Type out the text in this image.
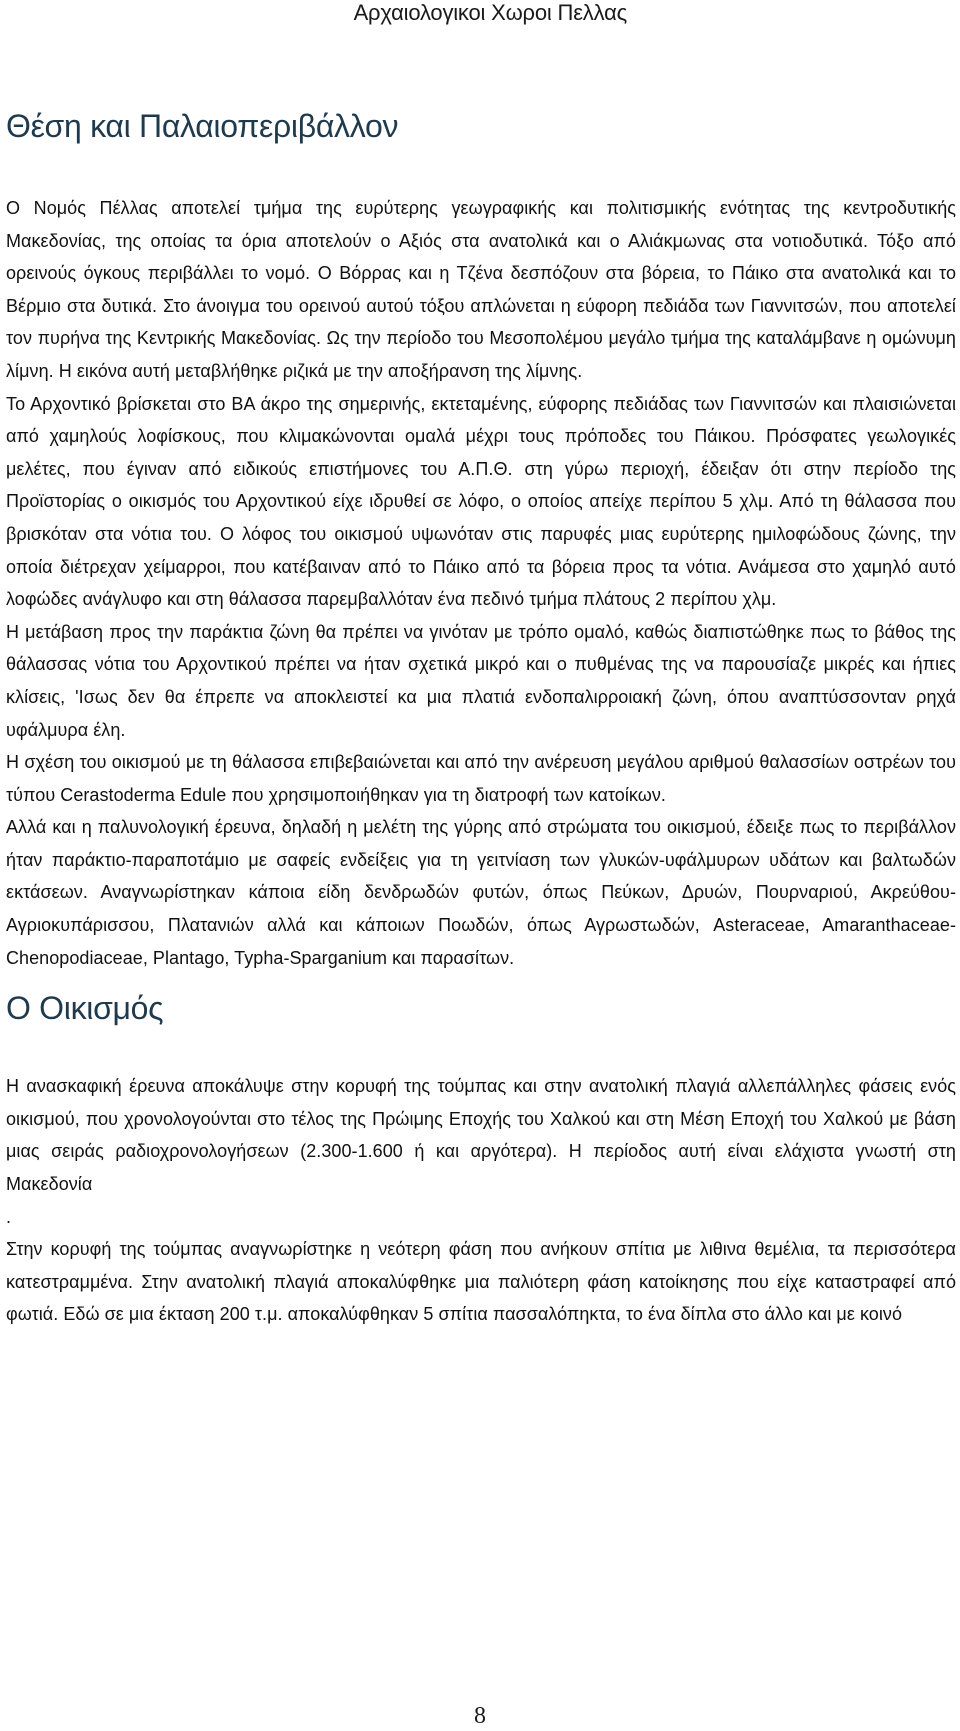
Αρχαιολογικοι Χωροι Πελλας
Θέση και Παλαιοπεριβάλλον

Ο Νομός Πέλλας αποτελεί τμήμα της ευρύτερης γεωγραφικής και πολιτισμικής ενότητας της κεντροδυτικής Μακεδονίας, της οποίας τα όρια αποτελούν ο Αξιός στα ανατολικά και ο Αλιάκμωνας στα νοτιοδυτικά. Τόξο από ορεινούς όγκους περιβάλλει το νομό. Ο Βόρρας και η Τζένα δεσπόζουν στα βόρεια, το Πάικο στα ανατολικά και το Βέρμιο στα δυτικά. Στο άνοιγμα του ορεινού αυτού τόξου απλώνεται η εύφορη πεδιάδα των Γιαννιτσών, που αποτελεί τον πυρήνα της Κεντρικής Μακεδονίας. Ως την περίοδο του Μεσοπολέμου μεγάλο τμήμα της καταλάμβανε η ομώνυμη λίμνη. Η εικόνα αυτή μεταβλήθηκε ριζικά με την αποξήρανση της λίμνης.

Το Αρχοντικό βρίσκεται στο ΒΑ άκρο της σημερινής, εκτεταμένης, εύφορης πεδιάδας των Γιαννιτσών και πλαισιώνεται από χαμηλούς λοφίσκους, που κλιμακώνονται ομαλά μέχρι τους πρόποδες του Πάικου. Πρόσφατες γεωλογικές μελέτες, που έγιναν από ειδικούς επιστήμονες του Α.Π.Θ. στη γύρω περιοχή, έδειξαν ότι στην περίοδο της Προϊστορίας ο οικισμός του Αρχοντικού είχε ιδρυθεί σε λόφο, ο οποίος απείχε περίπου 5 χλμ. Από τη θάλασσα που βρισκόταν στα νότια του. Ο λόφος του οικισμού υψωνόταν στις παρυφές μιας ευρύτερης ημιλοφώδους ζώνης, την οποία διέτρεχαν χείμαρροι, που κατέβαιναν από το Πάικο από τα βόρεια προς τα νότια. Ανάμεσα στο χαμηλό αυτό λοφώδες ανάγλυφο και στη θάλασσα παρεμβαλλόταν ένα πεδινό τμήμα πλάτους 2 περίπου χλμ.

Η μετάβαση προς την παράκτια ζώνη θα πρέπει να γινόταν με τρόπο ομαλό, καθώς διαπιστώθηκε πως το βάθος της θάλασσας νότια του Αρχοντικού πρέπει να ήταν σχετικά μικρό και ο πυθμένας της να παρουσίαζε μικρές και ήπιες κλίσεις, 'Ισως δεν θα έπρεπε να αποκλειστεί κα μια πλατιά ενδοπαλιρροιακή ζώνη, όπου αναπτύσσονταν ρηχά υφάλμυρα έλη.

Η σχέση του οικισμού με τη θάλασσα επιβεβαιώνεται και από την ανέρευση μεγάλου αριθμού θαλασσίων οστρέων του τύπου Cerastoderma Edule που χρησιμοποιήθηκαν για τη διατροφή των κατοίκων.

Αλλά και η παλυνολογική έρευνα, δηλαδή η μελέτη της γύρης από στρώματα του οικισμού, έδειξε πως το περιβάλλον ήταν παράκτιο-παραποτάμιο με σαφείς ενδείξεις για τη γειτνίαση των γλυκών-υφάλμυρων υδάτων και βαλτωδών εκτάσεων. Αναγνωρίστηκαν κάποια είδη δενδρωδών φυτών, όπως Πεύκων, Δρυών, Πουρναριού, Ακρεύθου-Αγριοκυπάρισσου, Πλατανιών αλλά και κάποιων Ποωδών, όπως Αγρωστωδών, Asteraceae, Amaranthaceae-Chenopodiaceae, Plantago, Typha-Sparganium και παρασίτων.

Ο Οικισμός

Η ανασκαφική έρευνα αποκάλυψε στην κορυφή της τούμπας και στην ανατολική πλαγιά αλλεπάλληλες φάσεις ενός οικισμού, που χρονολογούνται στο τέλος της Πρώιμης Εποχής του Χαλκού και στη Μέση Εποχή του Χαλκού με βάση μιας σειράς ραδιοχρονολογήσεων (2.300-1.600 ή και αργότερα). Η περίοδος αυτή είναι ελάχιστα γνωστή στη Μακεδονία

.

Στην κορυφή της τούμπας αναγνωρίστηκε η νεότερη φάση που ανήκουν σπίτια με λιθινα θεμέλια, τα περισσότερα κατεστραμμένα. Στην ανατολική πλαγιά αποκαλύφθηκε μια παλιότερη φάση κατοίκησης που είχε καταστραφεί από φωτιά. Εδώ σε μια έκταση 200 τ.μ. αποκαλύφθηκαν 5 σπίτια πασσαλόπηκτα, το ένα δίπλα στο άλλο και με κοινό

8
